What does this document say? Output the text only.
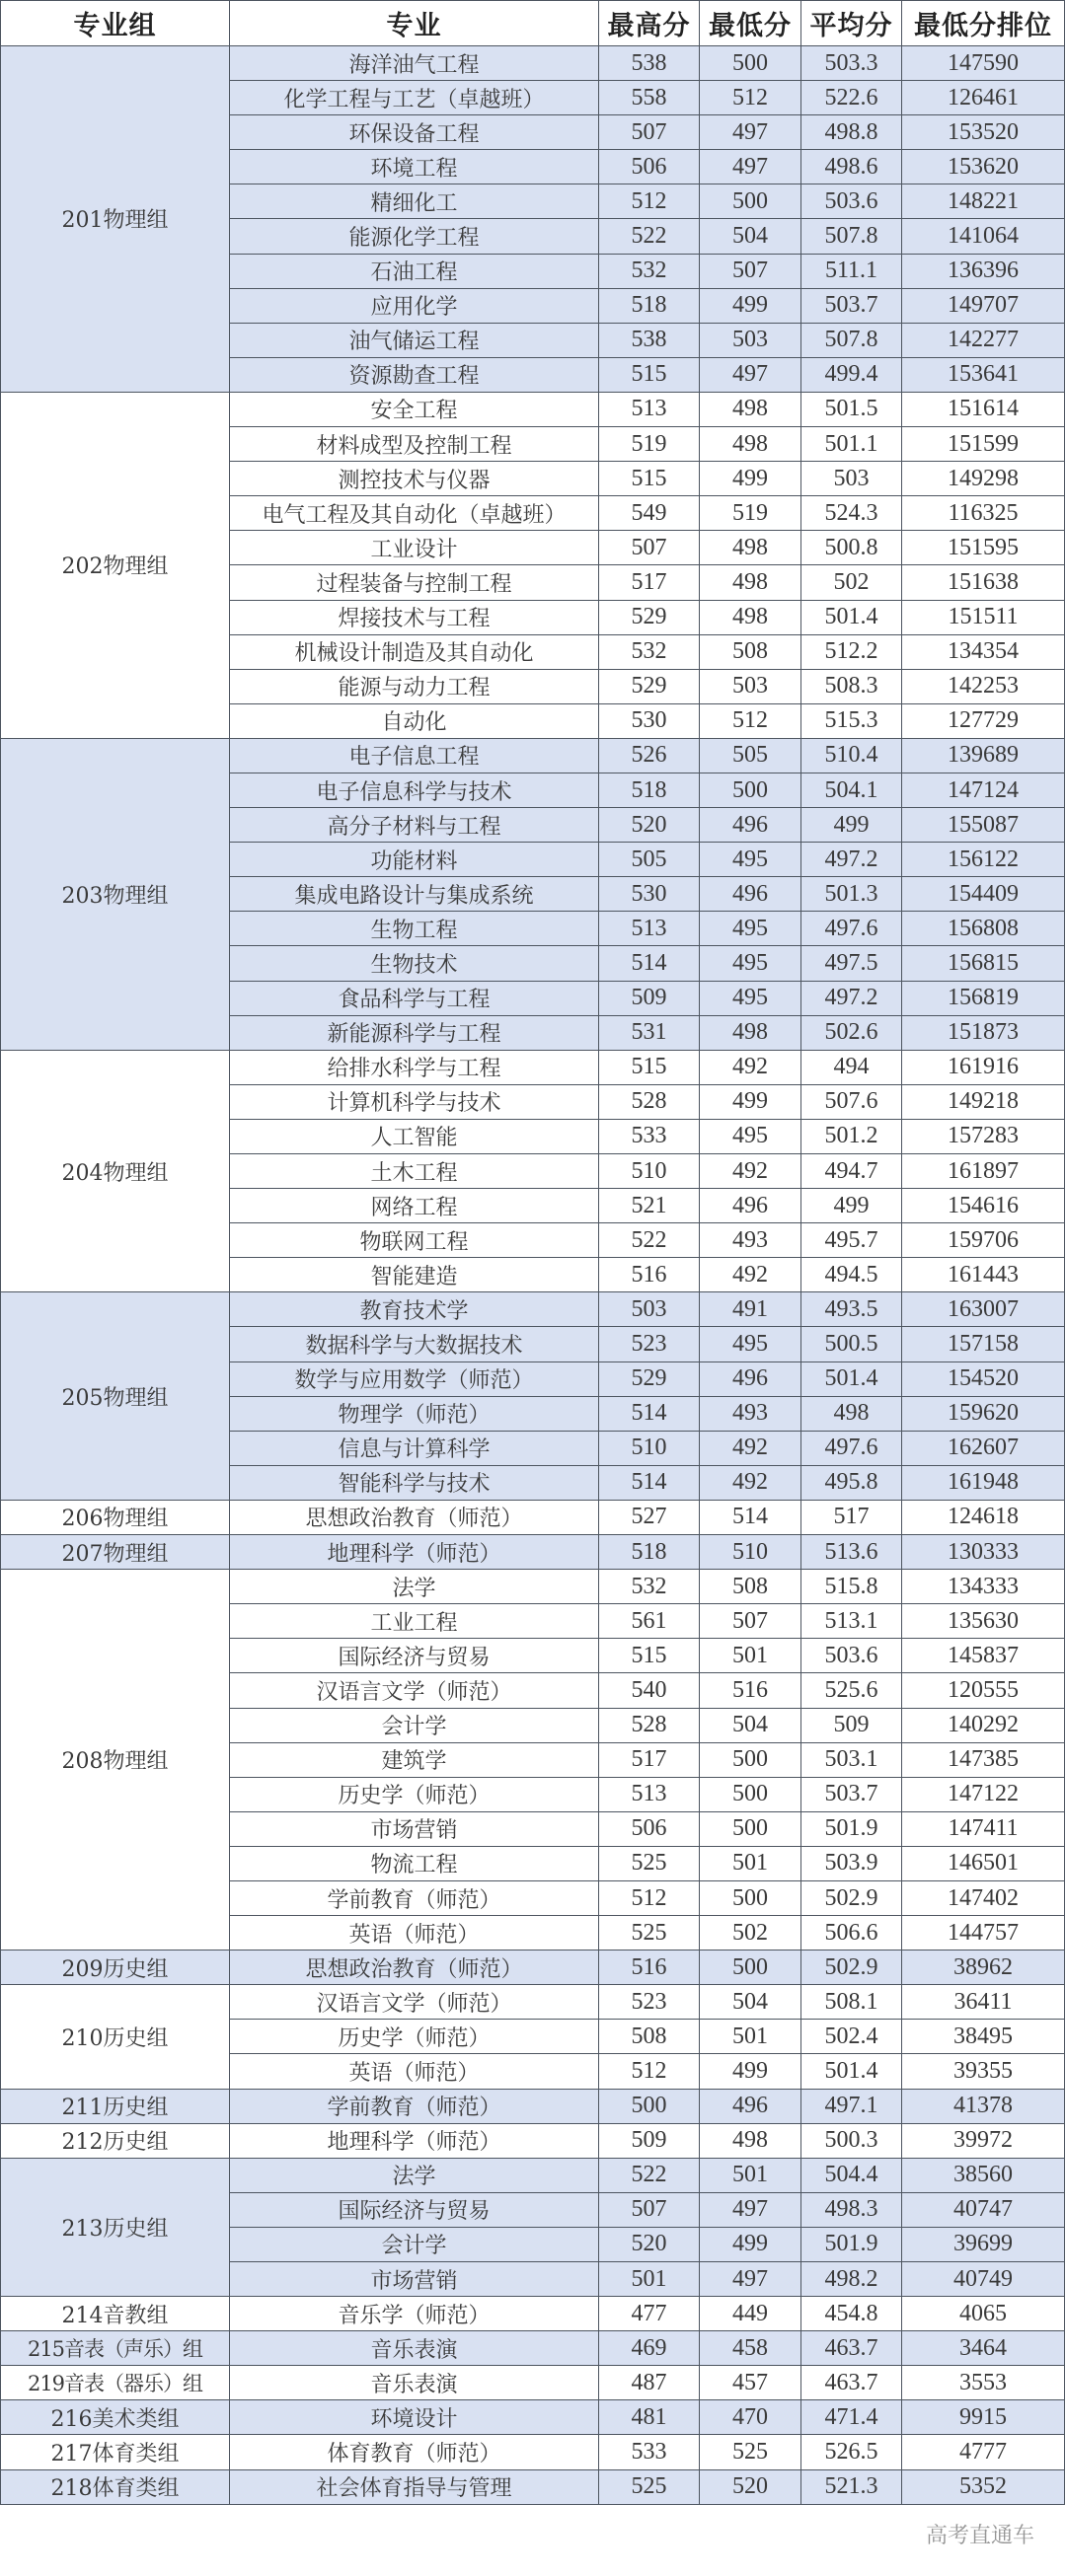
专业组	专业	最高分	最低分	平均分	最低分排位
201物理组	海洋油气工程	538	500	503.3	147590
	化学工程与工艺（卓越班）	558	512	522.6	126461
	环保设备工程	507	497	498.8	153520
	环境工程	506	497	498.6	153620
	精细化工	512	500	503.6	148221
	能源化学工程	522	504	507.8	141064
	石油工程	532	507	511.1	136396
	应用化学	518	499	503.7	149707
	油气储运工程	538	503	507.8	142277
	资源勘查工程	515	497	499.4	153641
202物理组	安全工程	513	498	501.5	151614
	材料成型及控制工程	519	498	501.1	151599
	测控技术与仪器	515	499	503	149298
	电气工程及其自动化（卓越班）	549	519	524.3	116325
	工业设计	507	498	500.8	151595
	过程装备与控制工程	517	498	502	151638
	焊接技术与工程	529	498	501.4	151511
	机械设计制造及其自动化	532	508	512.2	134354
	能源与动力工程	529	503	508.3	142253
	自动化	530	512	515.3	127729
203物理组	电子信息工程	526	505	510.4	139689
	电子信息科学与技术	518	500	504.1	147124
	高分子材料与工程	520	496	499	155087
	功能材料	505	495	497.2	156122
	集成电路设计与集成系统	530	496	501.3	154409
	生物工程	513	495	497.6	156808
	生物技术	514	495	497.5	156815
	食品科学与工程	509	495	497.2	156819
	新能源科学与工程	531	498	502.6	151873
204物理组	给排水科学与工程	515	492	494	161916
	计算机科学与技术	528	499	507.6	149218
	人工智能	533	495	501.2	157283
	土木工程	510	492	494.7	161897
	网络工程	521	496	499	154616
	物联网工程	522	493	495.7	159706
	智能建造	516	492	494.5	161443
205物理组	教育技术学	503	491	493.5	163007
	数据科学与大数据技术	523	495	500.5	157158
	数学与应用数学（师范）	529	496	501.4	154520
	物理学（师范）	514	493	498	159620
	信息与计算科学	510	492	497.6	162607
	智能科学与技术	514	492	495.8	161948
206物理组	思想政治教育（师范）	527	514	517	124618
207物理组	地理科学（师范）	518	510	513.6	130333
208物理组	法学	532	508	515.8	134333
	工业工程	561	507	513.1	135630
	国际经济与贸易	515	501	503.6	145837
	汉语言文学（师范）	540	516	525.6	120555
	会计学	528	504	509	140292
	建筑学	517	500	503.1	147385
	历史学（师范）	513	500	503.7	147122
	市场营销	506	500	501.9	147411
	物流工程	525	501	503.9	146501
	学前教育（师范）	512	500	502.9	147402
	英语（师范）	525	502	506.6	144757
209历史组	思想政治教育（师范）	516	500	502.9	38962
210历史组	汉语言文学（师范）	523	504	508.1	36411
	历史学（师范）	508	501	502.4	38495
	英语（师范）	512	499	501.4	39355
211历史组	学前教育（师范）	500	496	497.1	41378
212历史组	地理科学（师范）	509	498	500.3	39972
213历史组	法学	522	501	504.4	38560
	国际经济与贸易	507	497	498.3	40747
	会计学	520	499	501.9	39699
	市场营销	501	497	498.2	40749
214音教组	音乐学（师范）	477	449	454.8	4065
215音表（声乐）组	音乐表演	469	458	463.7	3464
219音表（器乐）组	音乐表演	487	457	463.7	3553
216美术类组	环境设计	481	470	471.4	9915
217体育类组	体育教育（师范）	533	525	526.5	4777
218体育类组	社会体育指导与管理	525	520	521.3	5352
高考直通车
